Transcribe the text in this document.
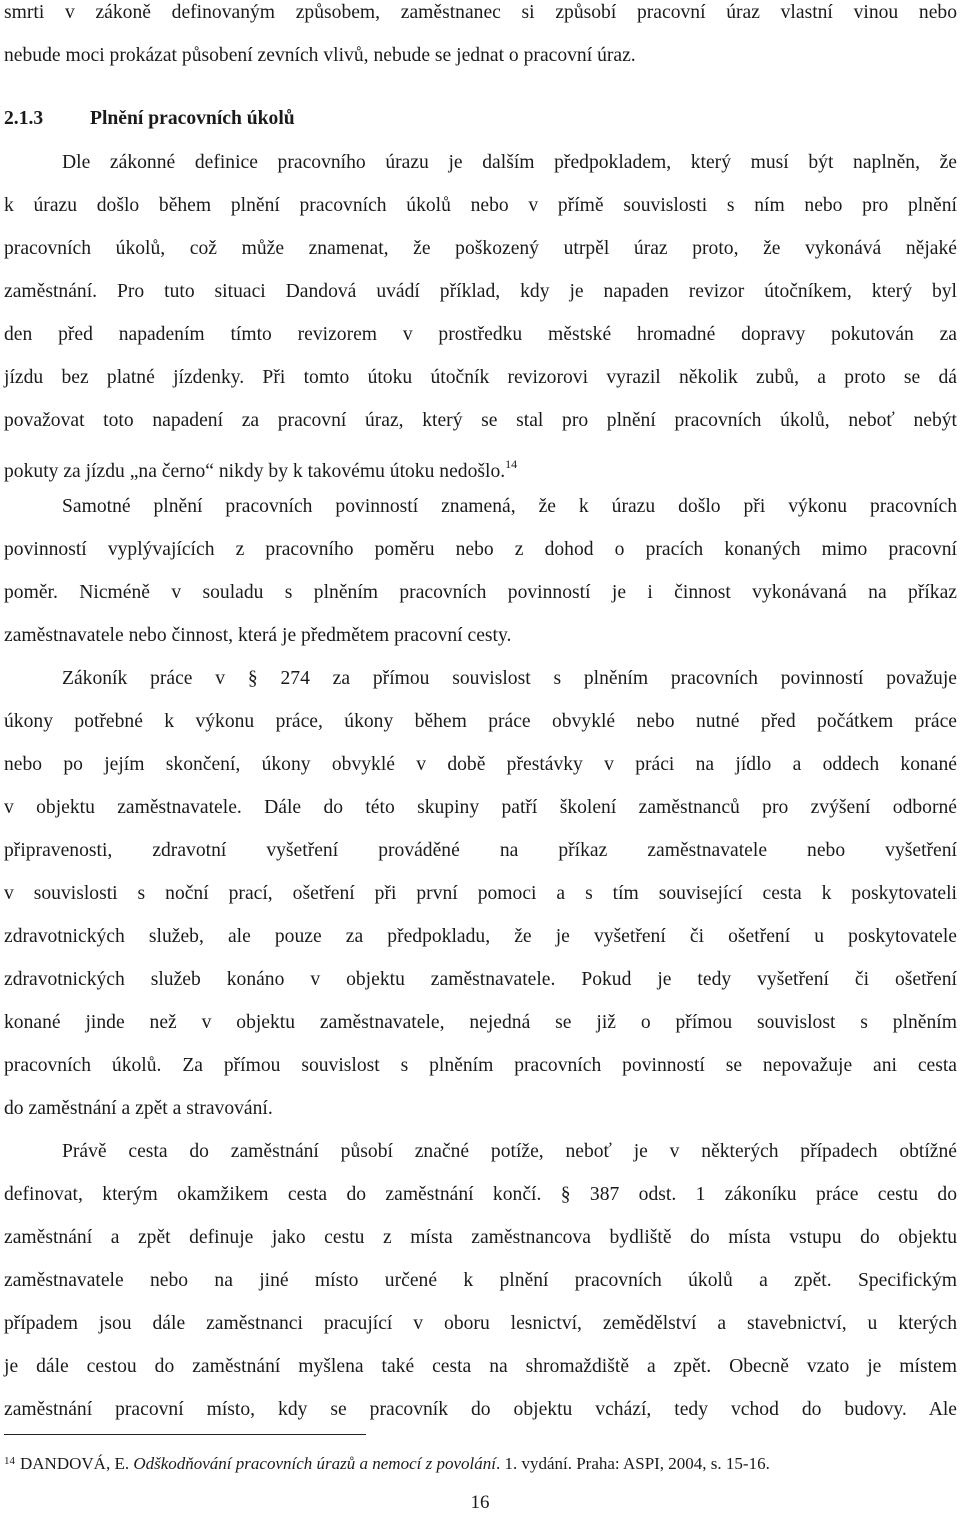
smrti v zákoně definovaným způsobem, zaměstnanec si způsobí pracovní úraz vlastní vinou nebo
nebude moci prokázat působení zevních vlivů, nebude se jednat o pracovní úraz.
2.1.3 Plnění pracovních úkolů
Dle zákonné definice pracovního úrazu je dalším předpokladem, který musí být naplněn, že
k úrazu došlo během plnění pracovních úkolů nebo v přímě souvislosti s ním nebo pro plnění
pracovních úkolů, což může znamenat, že poškozený utrpěl úraz proto, že vykonává nějaké
zaměstnání. Pro tuto situaci Dandová uvádí příklad, kdy je napaden revizor útočníkem, který byl
den před napadením tímto revizorem v prostředku městské hromadné dopravy pokutován za
jízdu bez platné jízdenky. Při tomto útoku útočník revizorovi vyrazil několik zubů, a proto se dá
považovat toto napadení za pracovní úraz, který se stal pro plnění pracovních úkolů, neboť nebýt
pokuty za jízdu „na černo“ nikdy by k takovému útoku nedošlo.$^{14}$
Samotné plnění pracovních povinností znamená, že k úrazu došlo při výkonu pracovních
povinností vyplývajících z pracovního poměru nebo z dohod o pracích konaných mimo pracovní
poměr. Nicméně v souladu s plněním pracovních povinností je i činnost vykonávaná na příkaz
zaměstnavatele nebo činnost, která je předmětem pracovní cesty.
Zákoník práce v § 274 za přímou souvislost s plněním pracovních povinností považuje
úkony potřebné k výkonu práce, úkony během práce obvyklé nebo nutné před počátkem práce
nebo po jejím skončení, úkony obvyklé v době přestávky v práci na jídlo a oddech konané
v objektu zaměstnavatele. Dále do této skupiny patří školení zaměstnanců pro zvýšení odborné
připravenosti, zdravotní vyšetření prováděné na příkaz zaměstnavatele nebo vyšetření
v souvislosti s noční prací, ošetření při první pomoci a s tím související cesta k poskytovateli
zdravotnických služeb, ale pouze za předpokladu, že je vyšetření či ošetření u poskytovatele
zdravotnických služeb konáno v objektu zaměstnavatele. Pokud je tedy vyšetření či ošetření
konané jinde než v objektu zaměstnavatele, nejedná se již o přímou souvislost s plněním
pracovních úkolů. Za přímou souvislost s plněním pracovních povinností se nepovažuje ani cesta
do zaměstnání a zpět a stravování.
Právě cesta do zaměstnání působí značné potíže, neboť je v některých případech obtížné
definovat, kterým okamžikem cesta do zaměstnání končí. § 387 odst. 1 zákoníku práce cestu do
zaměstnání a zpět definuje jako cestu z místa zaměstnancova bydliště do místa vstupu do objektu
zaměstnavatele nebo na jiné místo určené k plnění pracovních úkolů a zpět. Specifickým
případem jsou dále zaměstnanci pracující v oboru lesnictví, zemědělství a stavebnictví, u kterých
je dále cestou do zaměstnání myšlena také cesta na shromaždiště a zpět. Obecně vzato je místem
zaměstnání pracovní místo, kdy se pracovník do objektu vchází, tedy vchod do budovy. Ale
$^{14}$ DANDOVÁ, E. Odškodňování pracovních úrazů a nemocí z povolání. 1. vydání. Praha: ASPI, 2004, s. 15-16.
16
